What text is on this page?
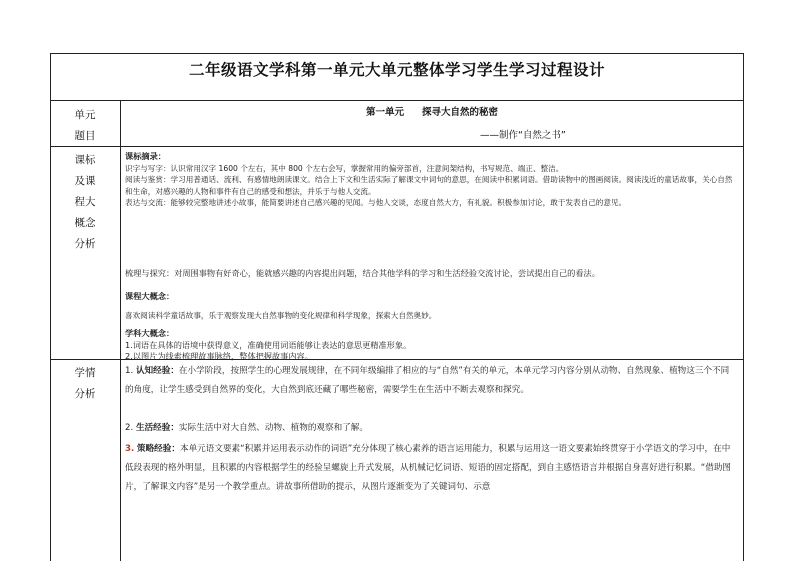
二年级语文学科第一单元大单元整体学习学生学习过程设计
单元
题目
第一单元 探寻大自然的秘密
——制作“自然之书”
课标
及课
程大
概念
分析

课标摘录：

识字与写字：认识常用汉字 1600 个左右，其中 800 个左右会写，掌握常用的偏旁部首，注意间架结构，书写规范、端正、整洁。

阅读与鉴赏：学习用普通话、流利、有感情地朗读课文。结合上下文和生活实际了解课文中词句的意思，在阅读中积累词语。借助读物中的图画阅读。阅读浅近的童话故事，关心自然和生命，对感兴趣的人物和事件有自己的感受和想法，并乐于与他人交流。

表达与交流：能够较完整地讲述小故事，能简要讲述自己感兴趣的见闻。与他人交谈，态度自然大方，有礼貌。积极参加讨论，敢于发表自己的意见。

梳理与探究：对周围事物有好奇心，能就感兴趣的内容提出问题，结合其他学科的学习和生活经验交流讨论，尝试提出自己的看法。
课程大概念：
喜欢阅读科学童话故事，乐于观察发现大自然事物的变化规律和科学现象，探索大自然奥妙。
学科大概念：
1.词语在具体的语境中获得意义，准确使用词语能够让表达的意思更精准形象。
2.以图片为线索梳理故事脉络，整体把握故事内容。
学情
分析
1. 认知经验：在小学阶段，按照学生的心理发展规律，在不同年级编排了相应的与“自然”有关的单元，本单元学习内容分别从动物、自然现象、植物这三个不同的角度，让学生感受到自然界的变化，大自然到底还藏了哪些秘密，需要学生在生活中不断去观察和探究。
2. 生活经验：实际生活中对大自然、动物、植物的观察和了解。
3. 策略经验：本单元语文要素“积累并运用表示动作的词语”充分体现了核心素养的语言运用能力，积累与运用这一语文要素始终贯穿于小学语文的学习中，在中低段表现的格外明显，且积累的内容根据学生的经验呈螺旋上升式发展，从机械记忆词语、短语的固定搭配，到自主感悟语言并根据自身喜好进行积累。“借助图片，了解课文内容”是另一个教学重点。讲故事所借助的提示，从图片逐渐变为了关键词句、示意
